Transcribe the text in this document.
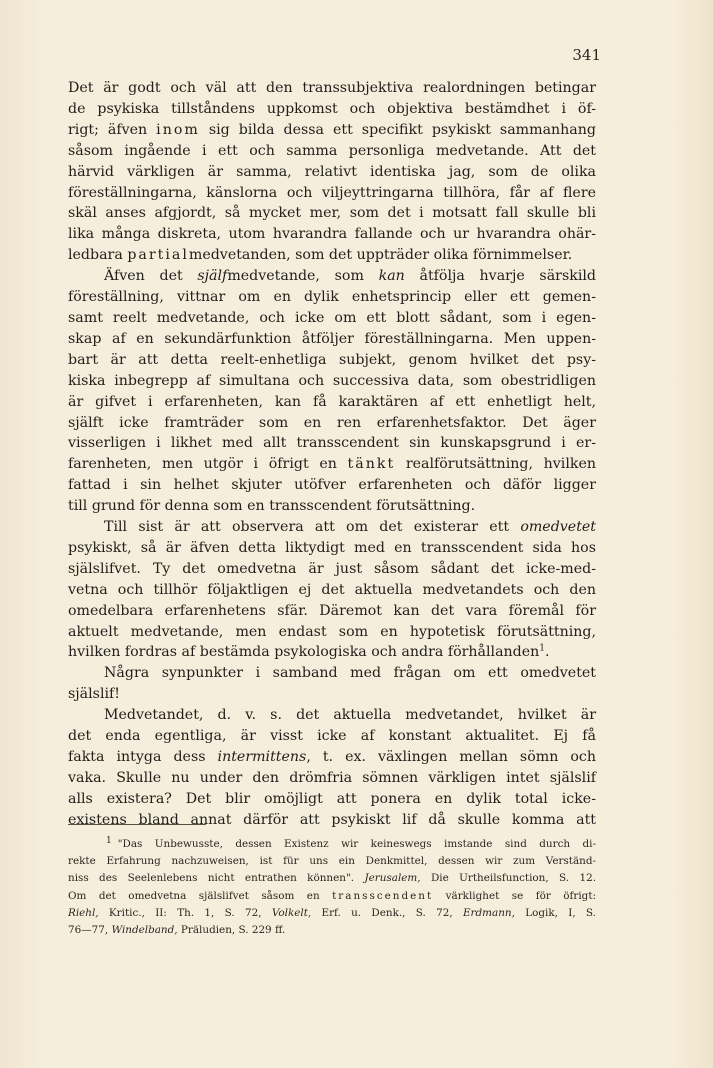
341
Det är godt och väl att den transsubjektiva realordningen betingar
de psykiska tillståndens uppkomst och objektiva bestämdhet i öf-
rigt; äfven inom sig bilda dessa ett specifikt psykiskt sammanhang
såsom ingående i ett och samma personliga medvetande. Att det
härvid värkligen är samma, relativt identiska jag, som de olika
föreställningarna, känslorna och viljeyttringarna tillhöra, får af flere
skäl anses afgjordt, så mycket mer, som det i motsatt fall skulle bli
lika många diskreta, utom hvarandra fallande och ur hvarandra ohär-
ledbara partialmedvetanden, som det uppträder olika förnimmelser.
Äfven det själfmedvetande, som kan åtfölja hvarje särskild
föreställning, vittnar om en dylik enhetsprincip eller ett gemen-
samt reelt medvetande, och icke om ett blott sådant, som i egen-
skap af en sekundärfunktion åtföljer föreställningarna. Men uppen-
bart är att detta reelt-enhetliga subjekt, genom hvilket det psy-
kiska inbegrepp af simultana och successiva data, som obestridligen
är gifvet i erfarenheten, kan få karaktären af ett enhetligt helt,
själft icke framträder som en ren erfarenhetsfaktor. Det äger
visserligen i likhet med allt transscendent sin kunskapsgrund i er-
farenheten, men utgör i öfrigt en tänkt realförutsättning, hvilken
fattad i sin helhet skjuter utöfver erfarenheten och däför ligger
till grund för denna som en transscendent förutsättning.
Till sist är att observera att om det existerar ett omedvetet
psykiskt, så är äfven detta liktydigt med en transscendent sida hos
själslifvet. Ty det omedvetna är just såsom sådant det icke-med-
vetna och tillhör följaktligen ej det aktuella medvetandets och den
omedelbara erfarenhetens sfär. Däremot kan det vara föremål för
aktuelt medvetande, men endast som en hypotetisk förutsättning,
hvilken fordras af bestämda psykologiska och andra förhållanden$^1$.
Några synpunkter i samband med frågan om ett omedvetet
själslif!
Medvetandet, d. v. s. det aktuella medvetandet, hvilket är
det enda egentliga, är visst icke af konstant aktualitet. Ej få
fakta intyga dess intermittens, t. ex. växlingen mellan sömn och
vaka. Skulle nu under den drömfria sömnen värkligen intet själslif
alls existera? Det blir omöjligt att ponera en dylik total icke-
existens bland annat därför att psykiskt lif då skulle komma att
$^1$ "Das Unbewusste, dessen Existenz wir keineswegs imstande sind durch di-
rekte Erfahrung nachzuweisen, ist für uns ein Denkmittel, dessen wir zum Verständ-
niss des Seelenlebens nicht entrathen können". Jerusalem, Die Urtheilsfunction, S. 12.
Om det omedvetna själslifvet såsom en transscendent värklighet se för öfrigt:
Riehl, Kritic., II: Th. 1, S. 72, Volkelt, Erf. u. Denk., S. 72, Erdmann, Logik, I, S.
76—77, Windelband, Präludien, S. 229 ff.
